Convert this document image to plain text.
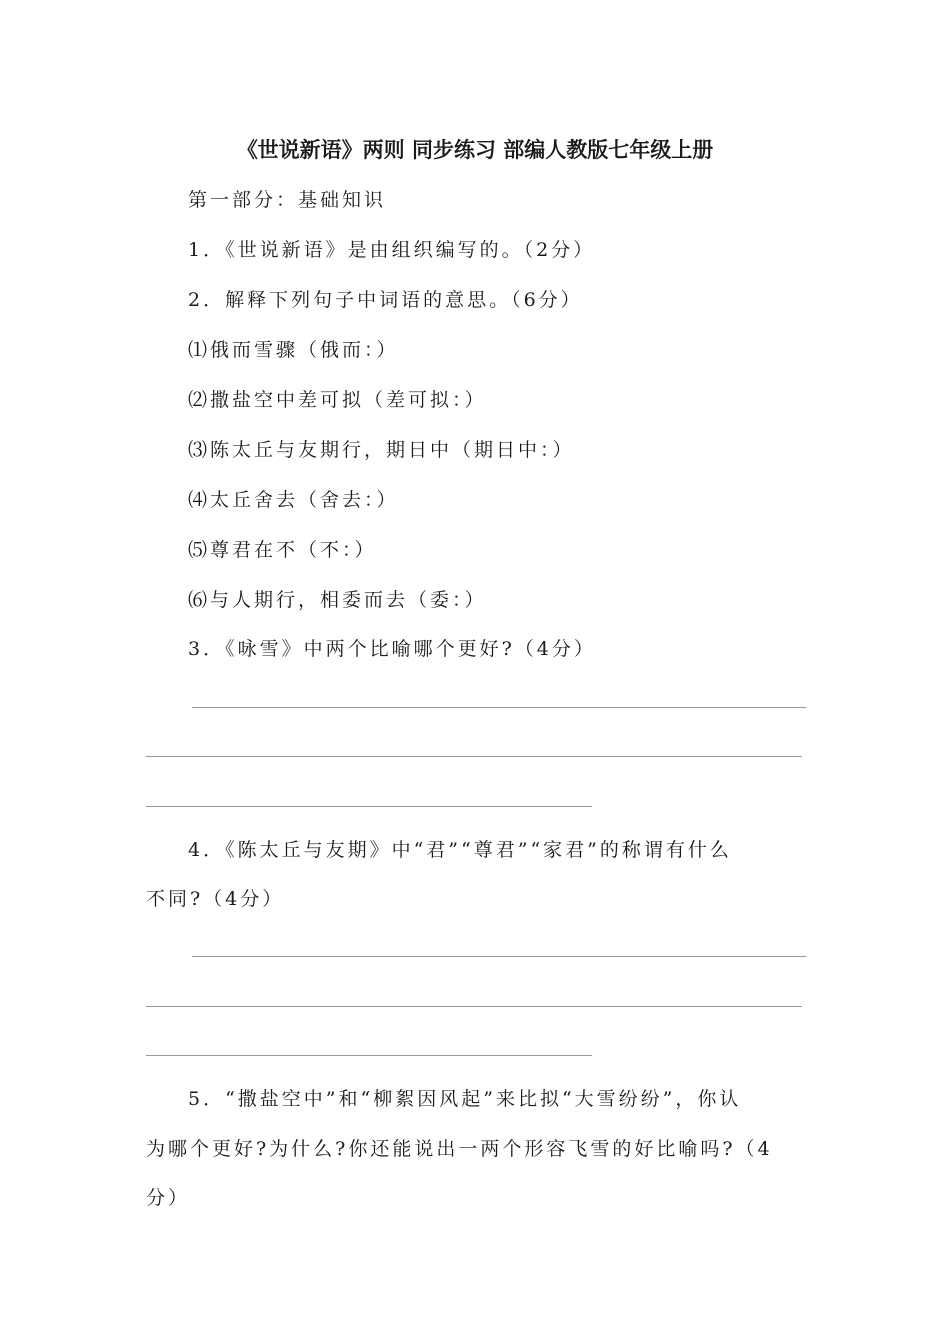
《世说新语》两则 同步练习 部编人教版七年级上册
第一部分：基础知识
1．《世说新语》是由组织编写的。（2分）
2．解释下列句子中词语的意思。（6分）
⑴俄而雪骤（俄而：）
⑵撒盐空中差可拟（差可拟：）
⑶陈太丘与友期行，期日中（期日中：）
⑷太丘舍去（舍去：）
⑸尊君在不（不：）
⑹与人期行，相委而去（委：）
3．《咏雪》中两个比喻哪个更好?（4分）
4．《陈太丘与友期》中“君”“尊君”“家君”的称谓有什么
不同?（4分）
5．“撒盐空中”和“柳絮因风起”来比拟“大雪纷纷”，你认
为哪个更好?为什么?你还能说出一两个形容飞雪的好比喻吗?（4
分）
